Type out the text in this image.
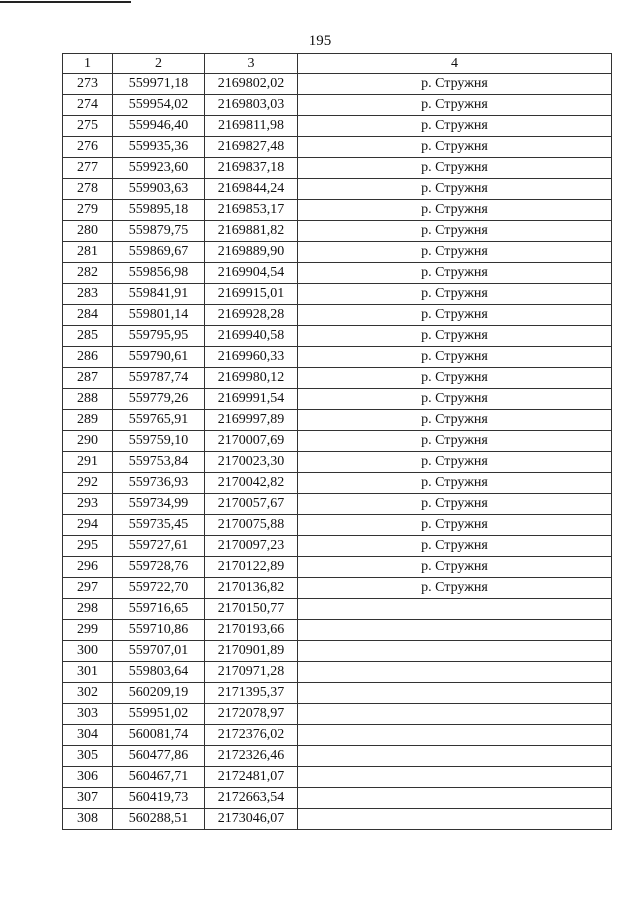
195
1	2	3	4
273	559971,18	2169802,02	р. Стружня
274	559954,02	2169803,03	р. Стружня
275	559946,40	2169811,98	р. Стружня
276	559935,36	2169827,48	р. Стружня
277	559923,60	2169837,18	р. Стружня
278	559903,63	2169844,24	р. Стружня
279	559895,18	2169853,17	р. Стружня
280	559879,75	2169881,82	р. Стружня
281	559869,67	2169889,90	р. Стружня
282	559856,98	2169904,54	р. Стружня
283	559841,91	2169915,01	р. Стружня
284	559801,14	2169928,28	р. Стружня
285	559795,95	2169940,58	р. Стружня
286	559790,61	2169960,33	р. Стружня
287	559787,74	2169980,12	р. Стружня
288	559779,26	2169991,54	р. Стружня
289	559765,91	2169997,89	р. Стружня
290	559759,10	2170007,69	р. Стружня
291	559753,84	2170023,30	р. Стружня
292	559736,93	2170042,82	р. Стружня
293	559734,99	2170057,67	р. Стружня
294	559735,45	2170075,88	р. Стружня
295	559727,61	2170097,23	р. Стружня
296	559728,76	2170122,89	р. Стружня
297	559722,70	2170136,82	р. Стружня
298	559716,65	2170150,77	
299	559710,86	2170193,66	
300	559707,01	2170901,89	
301	559803,64	2170971,28	
302	560209,19	2171395,37	
303	559951,02	2172078,97	
304	560081,74	2172376,02	
305	560477,86	2172326,46	
306	560467,71	2172481,07	
307	560419,73	2172663,54	
308	560288,51	2173046,07	
